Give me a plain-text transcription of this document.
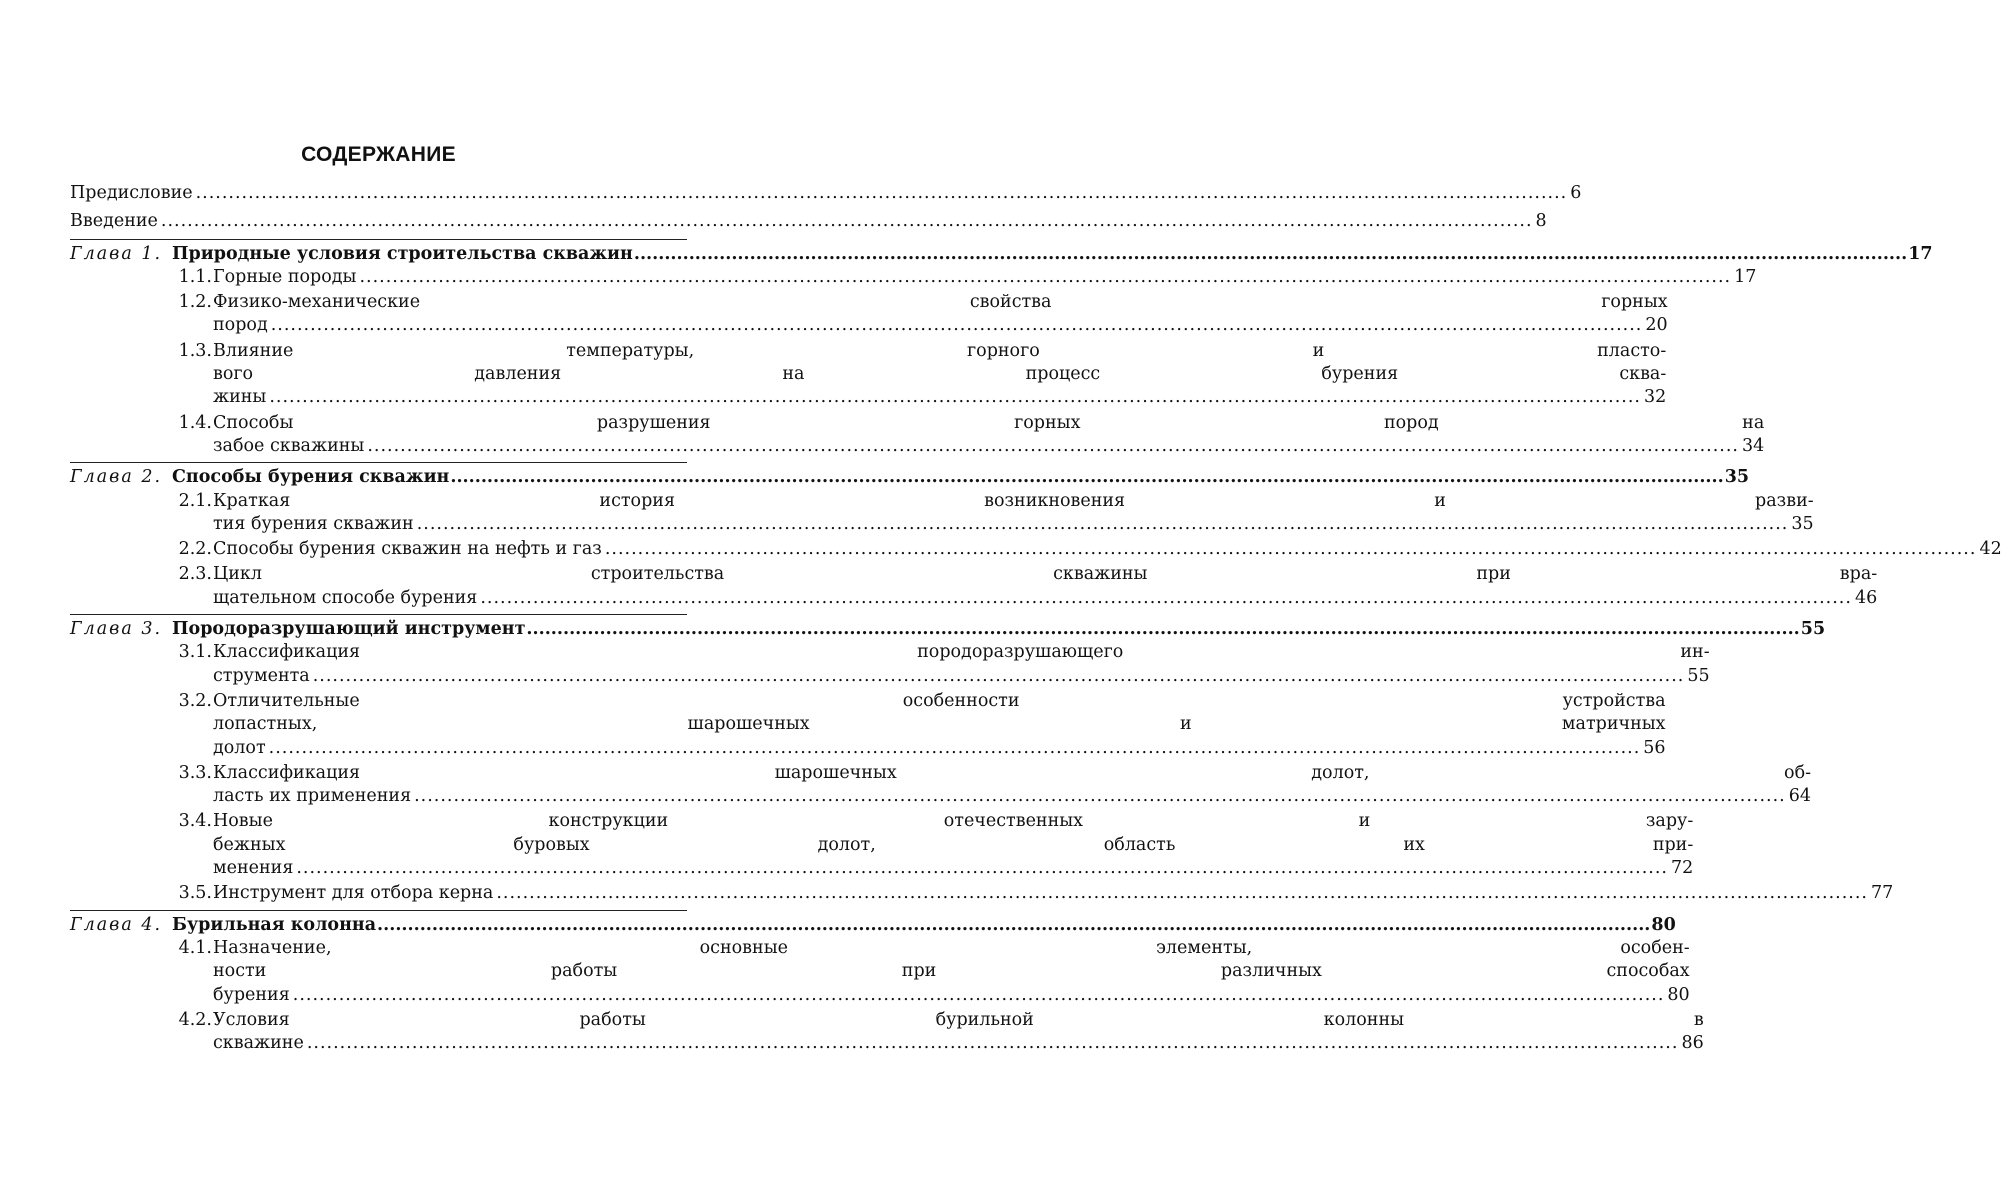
СОДЕРЖАНИЕ
Предисловие .....	6
Введение .....	8
Глава 1. Природные условия строительства скважин .....	17
1.1. Горные породы .....	17
1.2. Физико-механические свойства горных
пород .....	20
1.3. Влияние температуры, горного и пласто-
вого давления на процесс бурения сква-
жины .....	32
1.4. Способы разрушения горных пород на
забое скважины .....	34
Глава 2. Способы бурения скважин .....	35
2.1. Краткая история возникновения и разви-
тия бурения скважин .....	35
2.2. Способы бурения скважин на нефть и газ .....	42
2.3. Цикл строительства скважины при вра-
щательном способе бурения .....	46
Глава 3. Породоразрушающий инструмент .....	55
3.1. Классификация породоразрушающего ин-
струмента .....	55
3.2. Отличительные особенности устройства
лопастных, шарошечных и матричных
долот .....	56
3.3. Классификация шарошечных долот, об-
ласть их применения .....	64
3.4. Новые конструкции отечественных и зару-
бежных буровых долот, область их при-
менения .....	72
3.5. Инструмент для отбора керна .....	77
Глава 4. Бурильная колонна .....	80
4.1. Назначение, основные элементы, особен-
ности работы при различных способах
бурения .....	80
4.2. Условия работы бурильной колонны в
скважине .....	86
